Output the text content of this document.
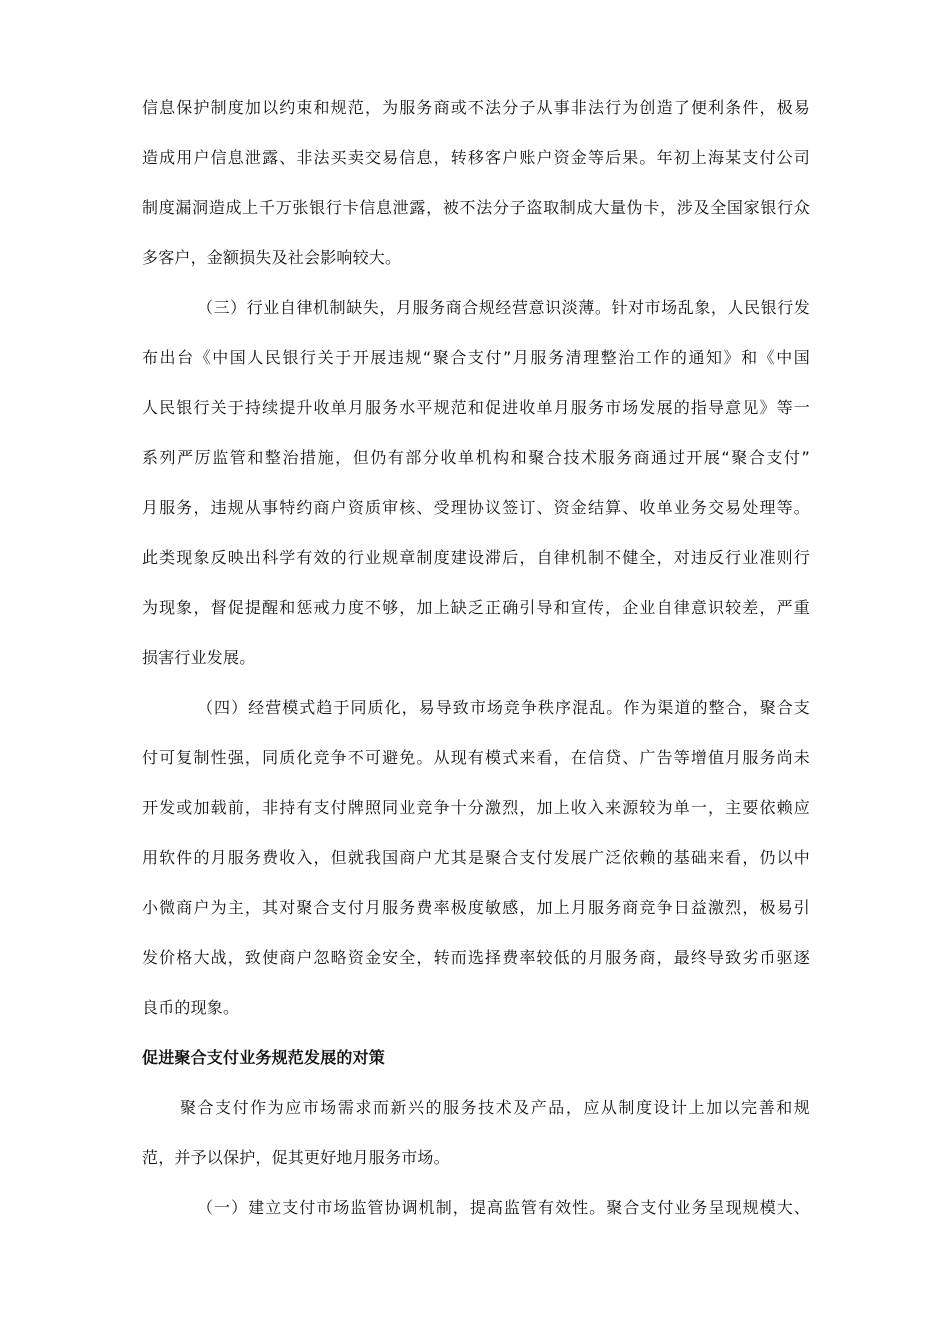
信息保护制度加以约束和规范，为服务商或不法分子从事非法行为创造了便利条件，极易
造成用户信息泄露、非法买卖交易信息，转移客户账户资金等后果。年初上海某支付公司
制度漏洞造成上千万张银行卡信息泄露，被不法分子盗取制成大量伪卡，涉及全国家银行众
多客户，金额损失及社会影响较大。
（三）行业自律机制缺失，月服务商合规经营意识淡薄。针对市场乱象，人民银行发
布出台《中国人民银行关于开展违规“聚合支付”月服务清理整治工作的通知》和《中国
人民银行关于持续提升收单月服务水平规范和促进收单月服务市场发展的指导意见》等一
系列严厉监管和整治措施，但仍有部分收单机构和聚合技术服务商通过开展“聚合支付”
月服务，违规从事特约商户资质审核、受理协议签订、资金结算、收单业务交易处理等。
此类现象反映出科学有效的行业规章制度建设滞后，自律机制不健全，对违反行业准则行
为现象，督促提醒和惩戒力度不够，加上缺乏正确引导和宣传，企业自律意识较差，严重
损害行业发展。
（四）经营模式趋于同质化，易导致市场竞争秩序混乱。作为渠道的整合，聚合支
付可复制性强，同质化竞争不可避免。从现有模式来看，在信贷、广告等增值月服务尚未
开发或加载前，非持有支付牌照同业竞争十分激烈，加上收入来源较为单一，主要依赖应
用软件的月服务费收入，但就我国商户尤其是聚合支付发展广泛依赖的基础来看，仍以中
小微商户为主，其对聚合支付月服务费率极度敏感，加上月服务商竞争日益激烈，极易引
发价格大战，致使商户忽略资金安全，转而选择费率较低的月服务商，最终导致劣币驱逐
良币的现象。
促进聚合支付业务规范发展的对策
聚合支付作为应市场需求而新兴的服务技术及产品，应从制度设计上加以完善和规
范，并予以保护，促其更好地月服务市场。
（一）建立支付市场监管协调机制，提高监管有效性。聚合支付业务呈现规模大、
